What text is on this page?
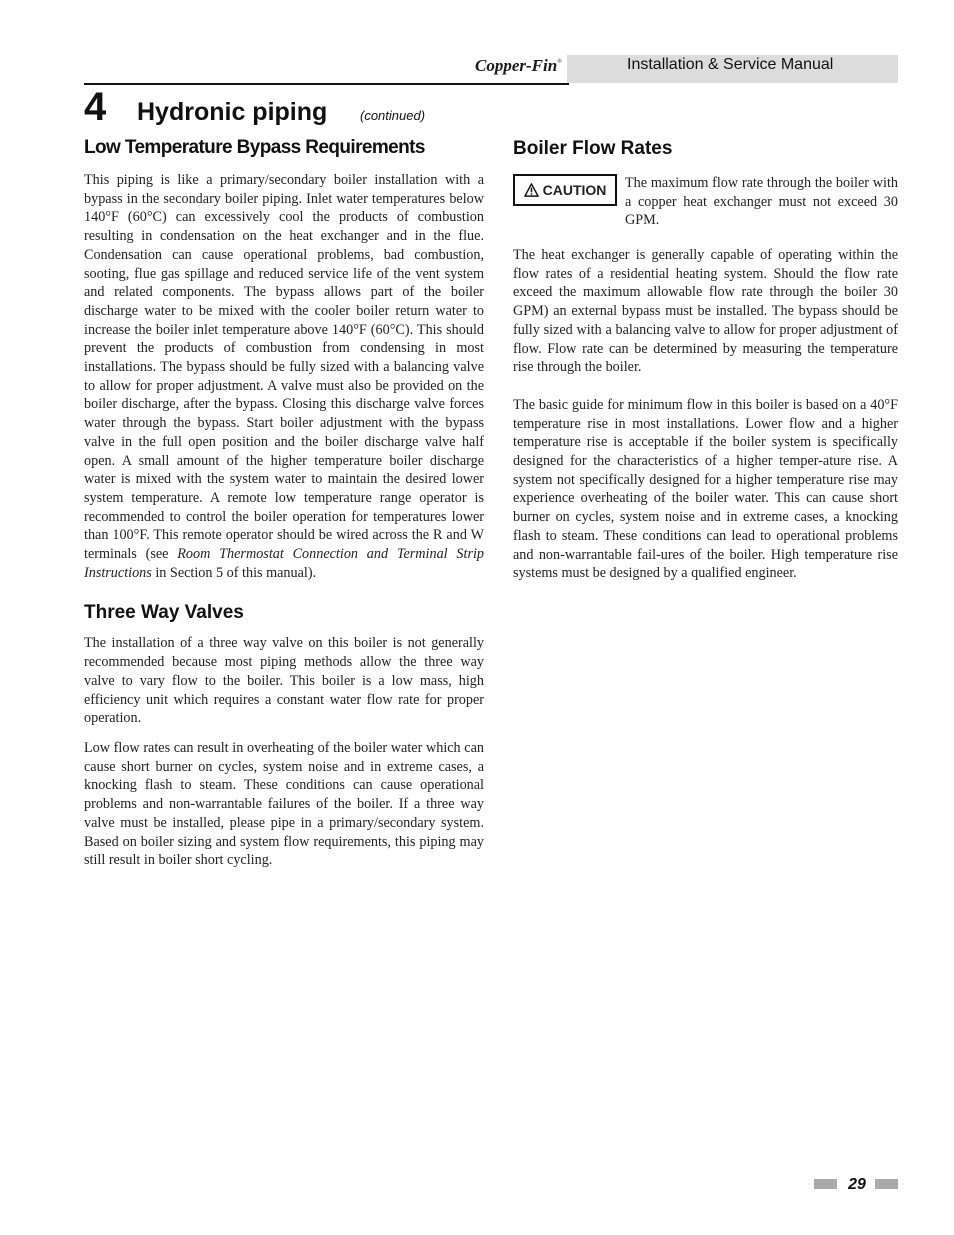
Copper-Fin®	Installation & Service Manual
4 Hydronic piping	(continued)
Low Temperature Bypass Requirements

This piping is like a primary/secondary boiler installation with a bypass in the secondary boiler piping. Inlet water temperatures below 140°F (60°C) can excessively cool the products of combustion resulting in condensation on the heat exchanger and in the flue. Condensation can cause operational problems, bad combustion, sooting, flue gas spillage and reduced service life of the vent system and related components. The bypass allows part of the boiler discharge water to be mixed with the cooler boiler return water to increase the boiler inlet temperature above 140°F (60°C). This should prevent the products of combustion from condensing in most installations. The bypass should be fully sized with a balancing valve to allow for proper adjustment. A valve must also be provided on the boiler discharge, after the bypass. Closing this discharge valve forces water through the bypass. Start boiler adjustment with the bypass valve in the full open position and the boiler discharge valve half open. A small amount of the higher temperature boiler discharge water is mixed with the system water to maintain the desired lower system temperature. A remote low temperature range operator is recommended to control the boiler operation for temperatures lower than 100°F. This remote operator should be wired across the R and W terminals (see Room Thermostat Connection and Terminal Strip Instructions in Section 5 of this manual).

Three Way Valves

The installation of a three way valve on this boiler is not generally recommended because most piping methods allow the three way valve to vary flow to the boiler. This boiler is a low mass, high efficiency unit which requires a constant water flow rate for proper operation.

Low flow rates can result in overheating of the boiler water which can cause short burner on cycles, system noise and in extreme cases, a knocking flash to steam. These conditions can cause operational problems and non-warrantable failures of the boiler. If a three way valve must be installed, please pipe in a primary/secondary system. Based on boiler sizing and system flow requirements, this piping may still result in boiler short cycling.

Boiler Flow Rates
CAUTION The maximum flow rate through the boiler with a copper heat exchanger must not exceed 30 GPM.

The heat exchanger is generally capable of operating within the flow rates of a residential heating system. Should the flow rate exceed the maximum allowable flow rate through the boiler 30 GPM) an external bypass must be installed. The bypass should be fully sized with a balancing valve to allow for proper adjustment of flow. Flow rate can be determined by measuring the temperature rise through the boiler.

The basic guide for minimum flow in this boiler is based on a 40°F temperature rise in most installations. Lower flow and a higher temperature rise is acceptable if the boiler system is specifically designed for the characteristics of a higher temper-ature rise. A system not specifically designed for a higher temperature rise may experience overheating of the boiler water. This can cause short burner on cycles, system noise and in extreme cases, a knocking flash to steam. These conditions can lead to operational problems and non-warrantable fail-ures of the boiler. High temperature rise systems must be designed by a qualified engineer.

29
